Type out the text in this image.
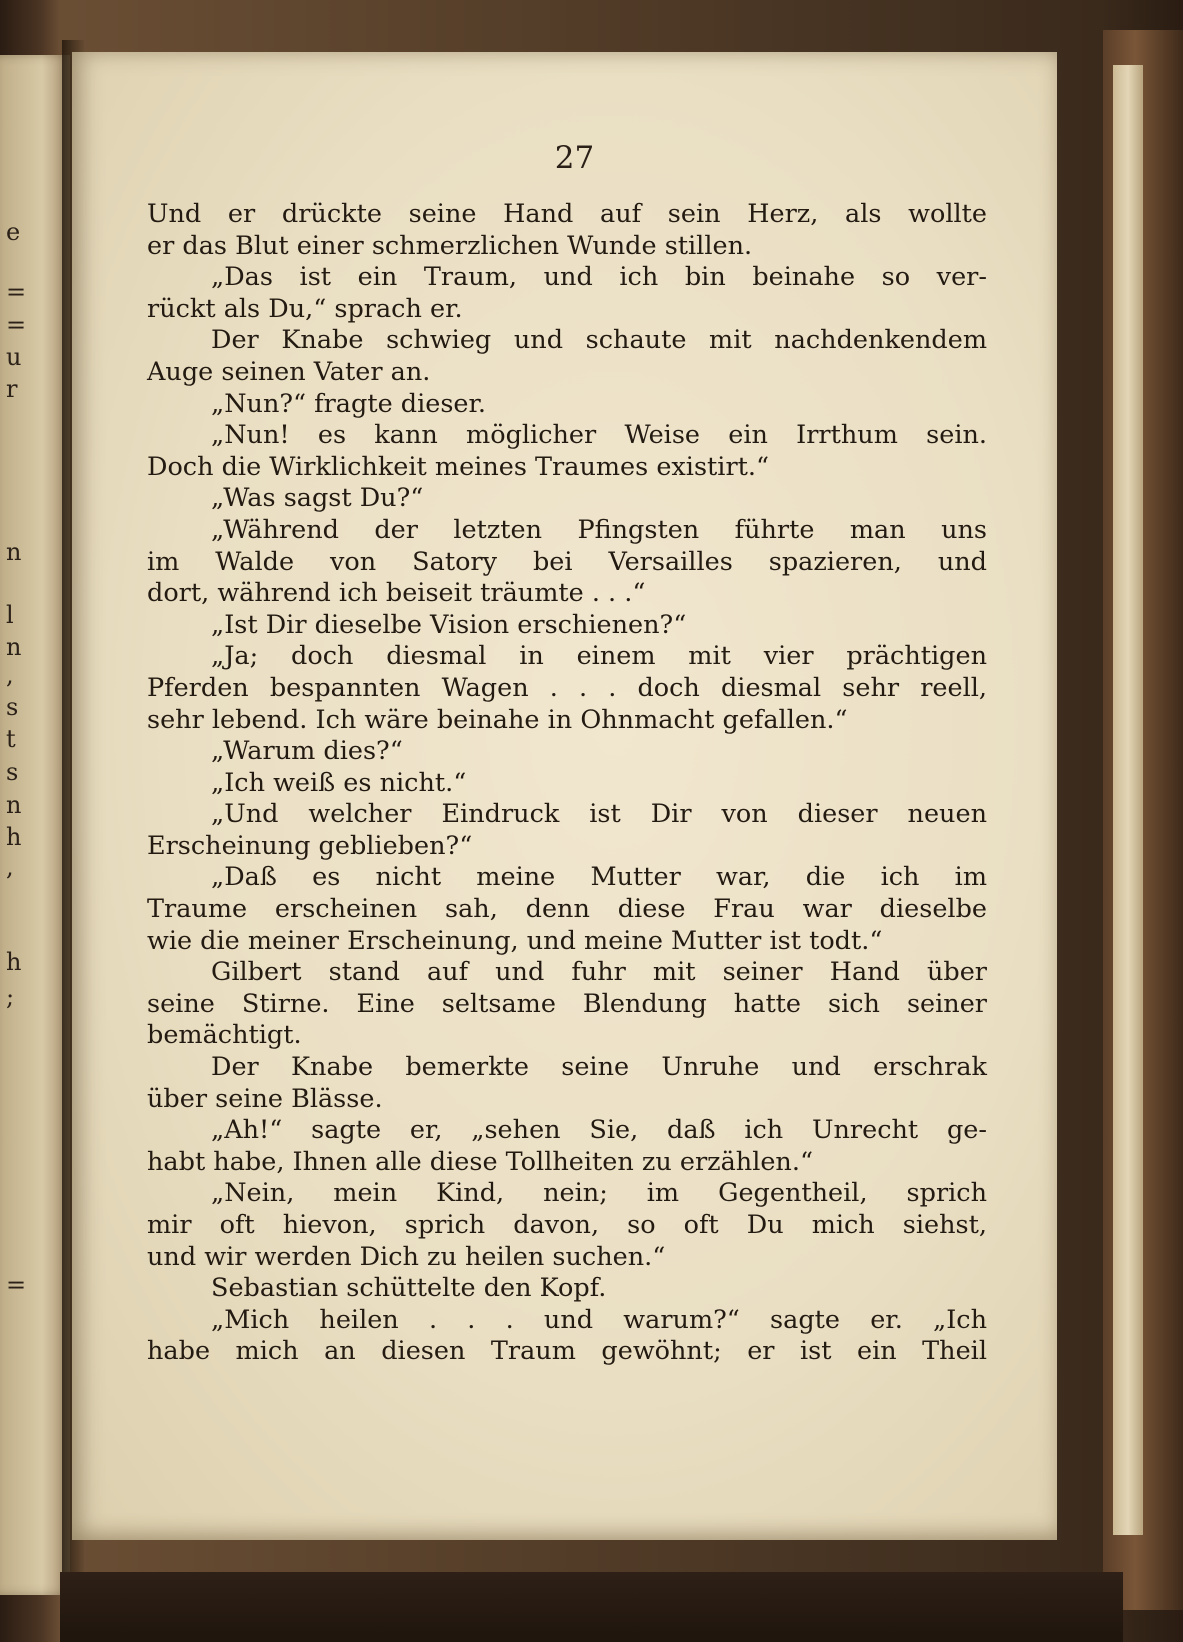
e
=
=
u
r
n
l
n
,
s
t
s
n
h
,
h
;
=
27
Und er drückte seine Hand auf sein Herz, als wollte
er das Blut einer schmerzlichen Wunde stillen.
„Das ist ein Traum, und ich bin beinahe so ver-
rückt als Du,“ sprach er.
Der Knabe schwieg und schaute mit nachdenkendem
Auge seinen Vater an.
„Nun?“ fragte dieser.
„Nun! es kann möglicher Weise ein Irrthum sein.
Doch die Wirklichkeit meines Traumes existirt.“
„Was sagst Du?“
„Während der letzten Pfingsten führte man uns
im Walde von Satory bei Versailles spazieren, und
dort, während ich beiseit träumte . . .“
„Ist Dir dieselbe Vision erschienen?“
„Ja; doch diesmal in einem mit vier prächtigen
Pferden bespannten Wagen . . . doch diesmal sehr reell,
sehr lebend. Ich wäre beinahe in Ohnmacht gefallen.“
„Warum dies?“
„Ich weiß es nicht.“
„Und welcher Eindruck ist Dir von dieser neuen
Erscheinung geblieben?“
„Daß es nicht meine Mutter war, die ich im
Traume erscheinen sah, denn diese Frau war dieselbe
wie die meiner Erscheinung, und meine Mutter ist todt.“
Gilbert stand auf und fuhr mit seiner Hand über
seine Stirne. Eine seltsame Blendung hatte sich seiner
bemächtigt.
Der Knabe bemerkte seine Unruhe und erschrak
über seine Blässe.
„Ah!“ sagte er, „sehen Sie, daß ich Unrecht ge-
habt habe, Ihnen alle diese Tollheiten zu erzählen.“
„Nein, mein Kind, nein; im Gegentheil, sprich
mir oft hievon, sprich davon, so oft Du mich siehst,
und wir werden Dich zu heilen suchen.“
Sebastian schüttelte den Kopf.
„Mich heilen . . . und warum?“ sagte er. „Ich
habe mich an diesen Traum gewöhnt; er ist ein Theil
